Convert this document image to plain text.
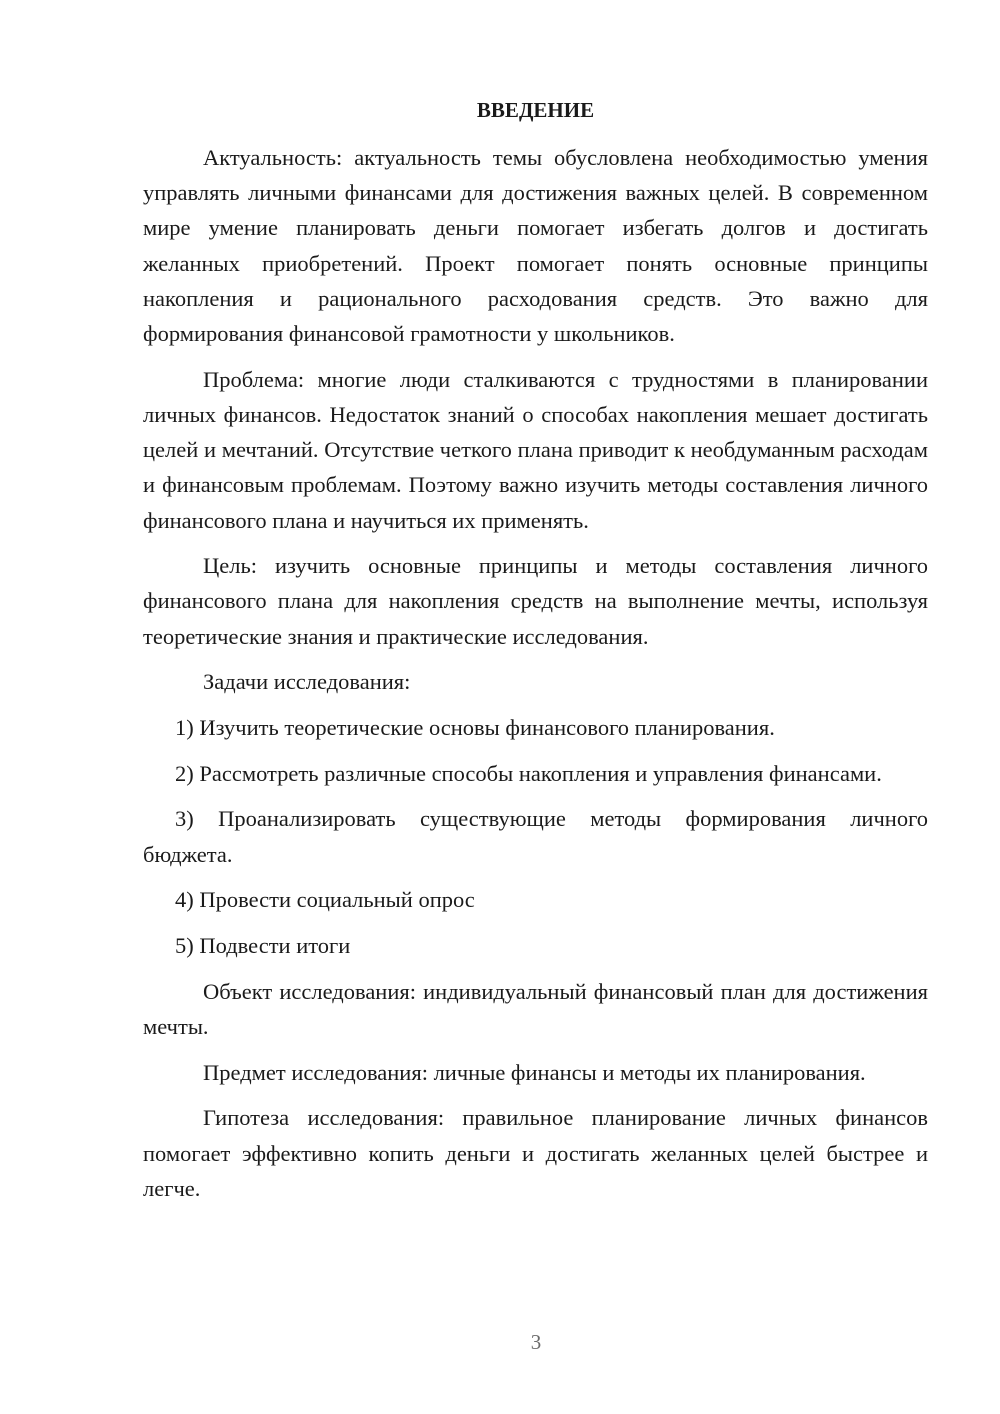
ВВЕДЕНИЕ

Актуальность: актуальность темы обусловлена необходимостью умения управлять личными финансами для достижения важных целей. В современном мире умение планировать деньги помогает избегать долгов и достигать желанных приобретений. Проект помогает понять основные принципы накопления и рационального расходования средств. Это важно для формирования финансовой грамотности у школьников.

Проблема: многие люди сталкиваются с трудностями в планировании личных финансов. Недостаток знаний о способах накопления мешает достигать целей и мечтаний. Отсутствие четкого плана приводит к необдуманным расходам и финансовым проблемам. Поэтому важно изучить методы составления личного финансового плана и научиться их применять.

Цель: изучить основные принципы и методы составления личного финансового плана для накопления средств на выполнение мечты, используя теоретические знания и практические исследования.

Задачи исследования:

1) Изучить теоретические основы финансового планирования.

2) Рассмотреть различные способы накопления и управления финансами.

3) Проанализировать существующие методы формирования личного бюджета.

4) Провести социальный опрос

5) Подвести итоги

Объект исследования: индивидуальный финансовый план для достижения мечты.

Предмет исследования: личные финансы и методы их планирования.

Гипотеза исследования: правильное планирование личных финансов помогает эффективно копить деньги и достигать желанных целей быстрее и легче.

3
